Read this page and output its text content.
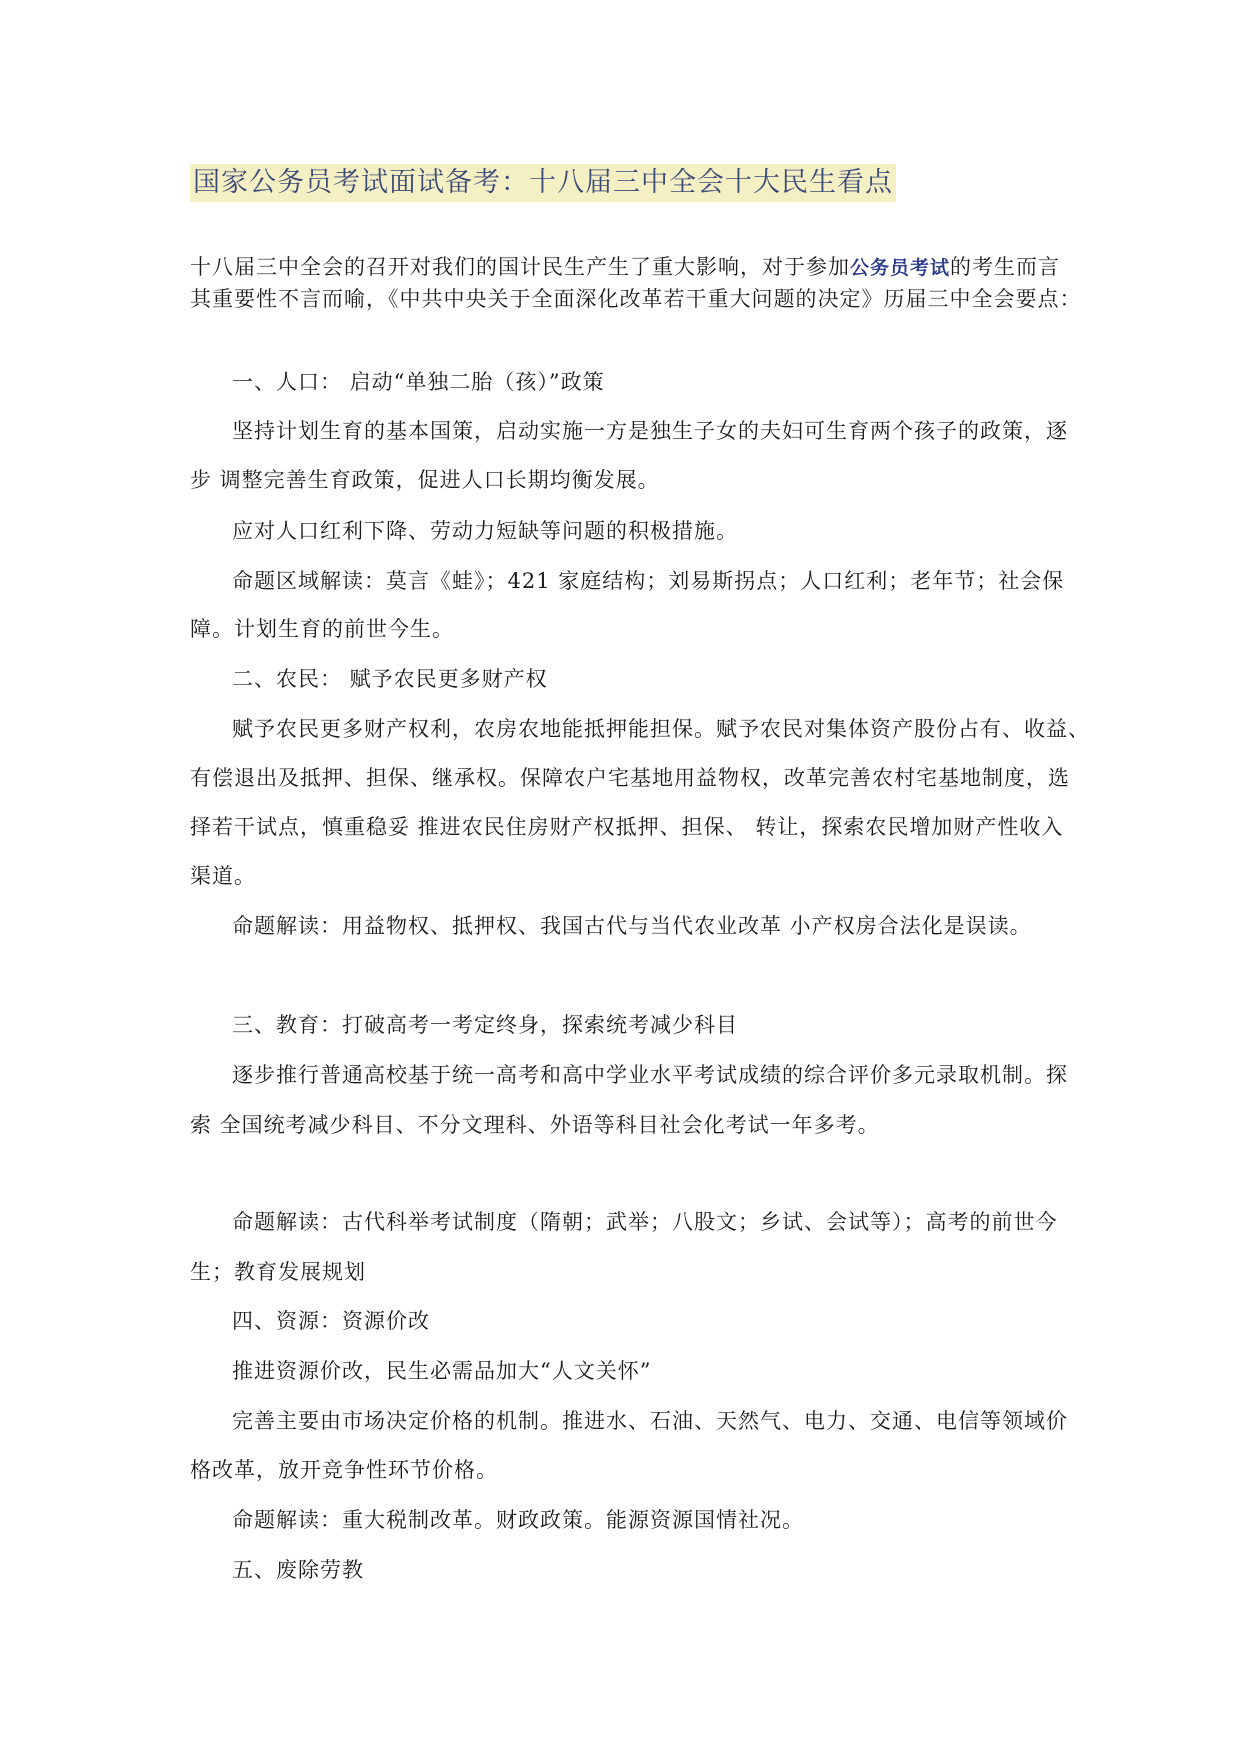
国家公务员考试面试备考：十八届三中全会十大民生看点
十八届三中全会的召开对我们的国计民生产生了重大影响，对于参加公务员考试的考生而言
其重要性不言而喻，《中共中央关于全面深化改革若干重大问题的决定》历届三中全会要点：
一、人口： 启动“单独二胎（孩）”政策
坚持计划生育的基本国策，启动实施一方是独生子女的夫妇可生育两个孩子的政策，逐
步 调整完善生育政策，促进人口长期均衡发展。
应对人口红利下降、劳动力短缺等问题的积极措施。
命题区域解读：莫言《蛙》；421 家庭结构；刘易斯拐点；人口红利；老年节；社会保
障。计划生育的前世今生。
二、农民： 赋予农民更多财产权
赋予农民更多财产权利，农房农地能抵押能担保。赋予农民对集体资产股份占有、收益、
有偿退出及抵押、担保、继承权。保障农户宅基地用益物权，改革完善农村宅基地制度，选
择若干试点，慎重稳妥 推进农民住房财产权抵押、担保、 转让，探索农民增加财产性收入
渠道。
命题解读：用益物权、抵押权、我国古代与当代农业改革 小产权房合法化是误读。
三、教育：打破高考一考定终身，探索统考减少科目
逐步推行普通高校基于统一高考和高中学业水平考试成绩的综合评价多元录取机制。探
索 全国统考减少科目、不分文理科、外语等科目社会化考试一年多考。
命题解读：古代科举考试制度（隋朝；武举；八股文；乡试、会试等）；高考的前世今
生；教育发展规划
四、资源：资源价改
推进资源价改，民生必需品加大“人文关怀”
完善主要由市场决定价格的机制。推进水、石油、天然气、电力、交通、电信等领域价
格改革，放开竞争性环节价格。
命题解读：重大税制改革。财政政策。能源资源国情社况。
五、废除劳教
